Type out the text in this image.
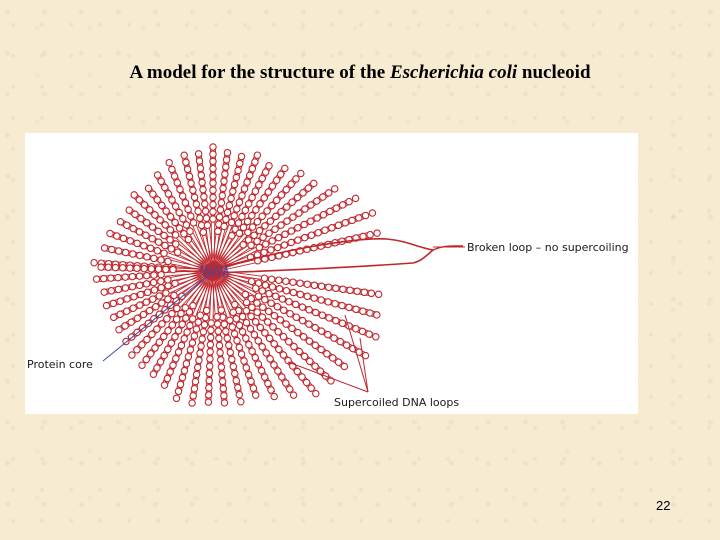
A model for the structure of the Escherichia coli nucleoid
Broken loop – no supercoiling
Protein core
Supercoiled DNA loops
22
